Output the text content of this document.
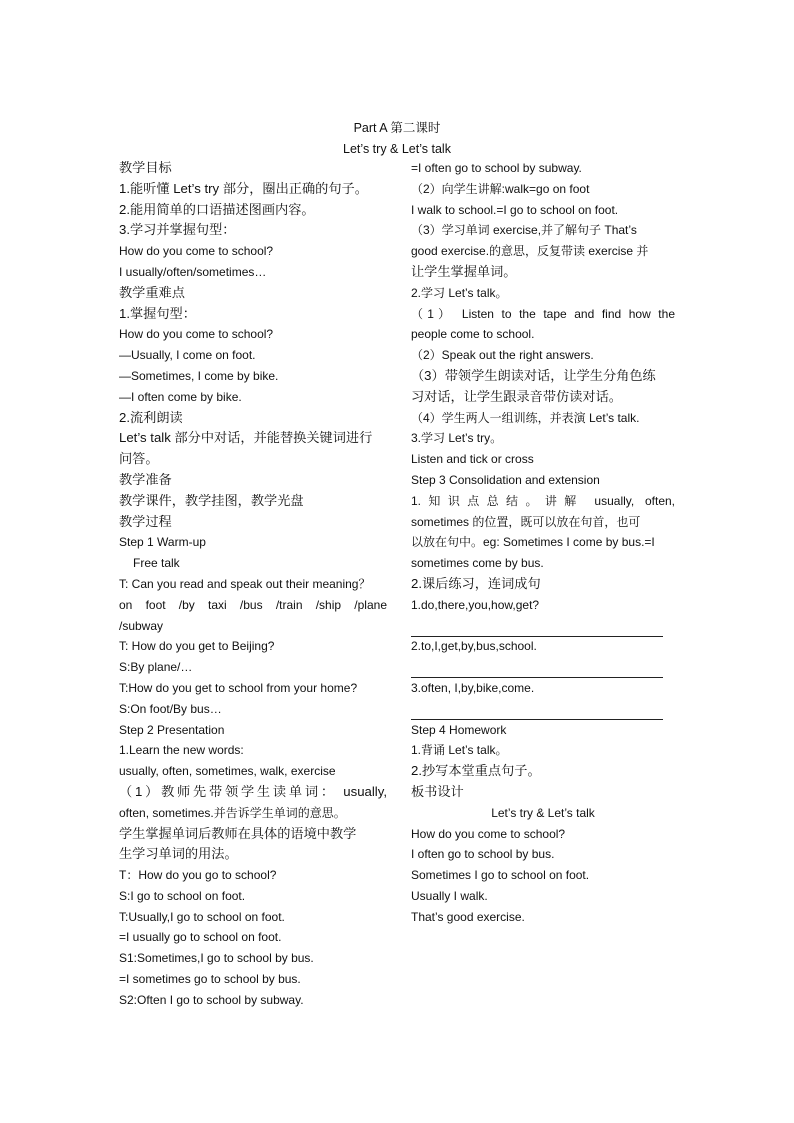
Part A 第二课时
Let’s try & Let’s talk
教学目标
1.能听懂 Let’s try 部分，圈出正确的句子。
2.能用简单的口语描述图画内容。
3.学习并掌握句型：
How do you come to school?
I usually/often/sometimes…
教学重难点
1.掌握句型：
How do you come to school?
—Usually, I come on foot.
—Sometimes, I come by bike.
—I often come by bike.
2.流利朗读
Let’s talk 部分中对话，并能替换关键词进行
问答。
教学准备
教学课件，教学挂图，教学光盘
教学过程
Step 1 Warm-up
Free talk
T: Can you read and speak out their meaning？
on foot /by taxi /bus /train /ship /plane
/subway
T: How do you get to Beijing?
S:By plane/…
T:How do you get to school from your home?
S:On foot/By bus…
Step 2 Presentation
1.Learn the new words:
usually, often, sometimes, walk, exercise
（1）教师先带领学生读单词： usually,
often, sometimes.并告诉学生单词的意思。
学生掌握单词后教师在具体的语境中教学
生学习单词的用法。
T：How do you go to school?
S:I go to school on foot.
T:Usually,I go to school on foot.
=I usually go to school on foot.
S1:Sometimes,I go to school by bus.
=I sometimes go to school by bus.
S2:Often I go to school by subway.
=I often go to school by subway.
（2）向学生讲解:walk=go on foot
I walk to school.=I go to school on foot.
（3）学习单词 exercise,并了解句子 That’s
good exercise.的意思，反复带读 exercise 并
让学生掌握单词。
2.学习 Let’s talk。
（1） Listen to the tape and find how the
people come to school.
（2）Speak out the right answers.
（3）带领学生朗读对话，让学生分角色练
习对话，让学生跟录音带仿读对话。
（4）学生两人一组训练，并表演 Let’s talk.
3.学习 Let’s try。
Listen and tick or cross
Step 3 Consolidation and extension
1.知识点总结。讲解 usually, often,
sometimes 的位置，既可以放在句首，也可
以放在句中。eg: Sometimes I come by bus.=I
sometimes come by bus.
2.课后练习，连词成句
1.do,there,you,how,get?
2.to,I,get,by,bus,school.
3.often, I,by,bike,come.
Step 4 Homework
1.背诵 Let’s talk。
2.抄写本堂重点句子。
板书设计
Let’s try & Let’s talk
How do you come to school?
I often go to school by bus.
Sometimes I go to school on foot.
Usually I walk.
That’s good exercise.
